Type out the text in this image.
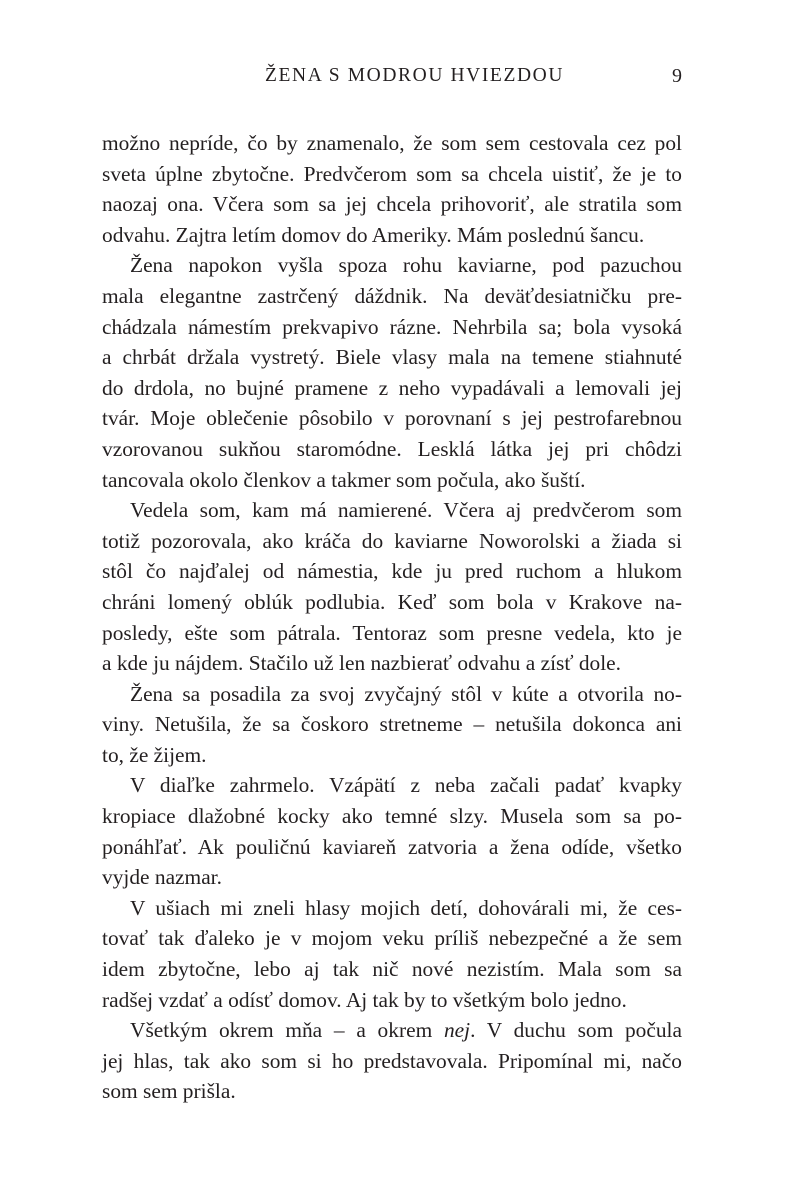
ŽENA S MODROU HVIEZDOU	9

možno nepríde, čo by znamenalo, že som sem cestovala cez pol
sveta úplne zbytočne. Predvčerom som sa chcela uistiť, že je to
naozaj ona. Včera som sa jej chcela prihovoriť, ale stratila som
odvahu. Zajtra letím domov do Ameriky. Mám poslednú šancu.

Žena napokon vyšla spoza rohu kaviarne, pod pazuchou
mala elegantne zastrčený dáždnik. Na deväťdesiatničku pre-
chádzala námestím prekvapivo rázne. Nehrbila sa; bola vysoká
a chrbát držala vystretý. Biele vlasy mala na temene stiahnuté
do drdola, no bujné pramene z neho vypadávali a lemovali jej
tvár. Moje oblečenie pôsobilo v porovnaní s jej pestrofarebnou
vzorovanou sukňou staromódne. Lesklá látka jej pri chôdzi
tancovala okolo členkov a takmer som počula, ako šuští.

Vedela som, kam má namierené. Včera aj predvčerom som
totiž pozorovala, ako kráča do kaviarne Noworolski a žiada si
stôl čo najďalej od námestia, kde ju pred ruchom a hlukom
chráni lomený oblúk podlubia. Keď som bola v Krakove na-
posledy, ešte som pátrala. Tentoraz som presne vedela, kto je
a kde ju nájdem. Stačilo už len nazbierať odvahu a zísť dole.

Žena sa posadila za svoj zvyčajný stôl v kúte a otvorila no-
viny. Netušila, že sa čoskoro stretneme – netušila dokonca ani
to, že žijem.

V diaľke zahrmelo. Vzápätí z neba začali padať kvapky
kropiace dlažobné kocky ako temné slzy. Musela som sa po-
ponáhľať. Ak pouličnú kaviareň zatvoria a žena odíde, všetko
vyjde nazmar.

V ušiach mi zneli hlasy mojich detí, dohovárali mi, že ces-
tovať tak ďaleko je v mojom veku príliš nebezpečné a že sem
idem zbytočne, lebo aj tak nič nové nezistím. Mala som sa
radšej vzdať a odísť domov. Aj tak by to všetkým bolo jedno.

Všetkým okrem mňa – a okrem nej. V duchu som počula
jej hlas, tak ako som si ho predstavovala. Pripomínal mi, načo
som sem prišla.
